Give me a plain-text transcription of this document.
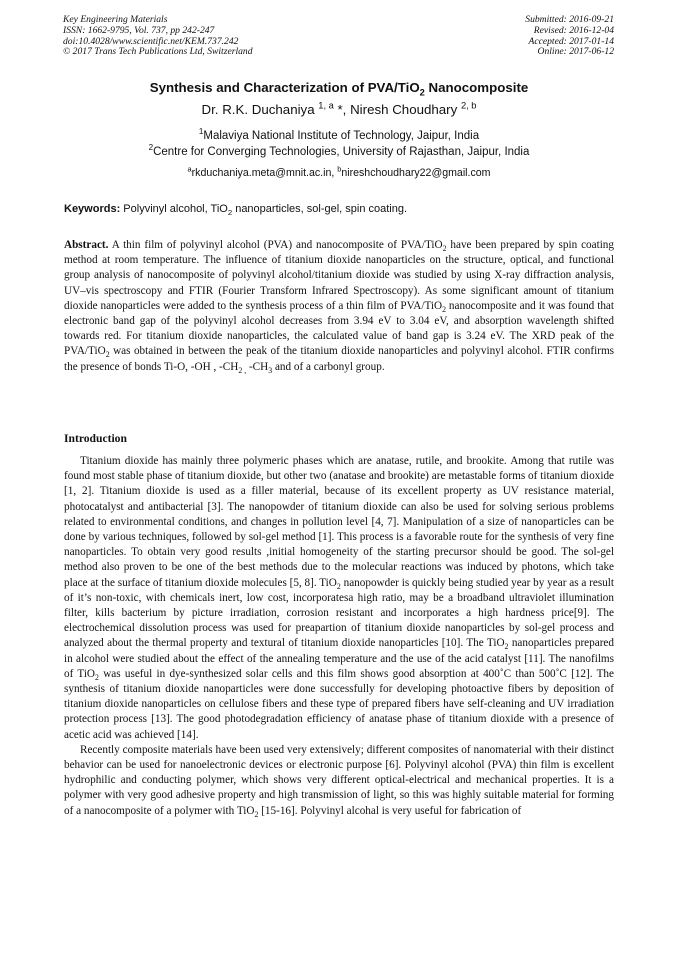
Key Engineering Materials
ISSN: 1662-9795, Vol. 737, pp 242-247
doi:10.4028/www.scientific.net/KEM.737.242
© 2017 Trans Tech Publications Ltd, Switzerland
Submitted: 2016-09-21
Revised: 2016-12-04
Accepted: 2017-01-14
Online: 2017-06-12
Synthesis and Characterization of PVA/TiO$_2$ Nanocomposite
Dr. R.K. Duchaniya $^{1, a}$ *, Niresh Choudhary $^{2, b}$
$^1$Malaviya National Institute of Technology, Jaipur, India
$^2$Centre for Converging Technologies, University of Rajasthan, Jaipur, India
$^a$rkduchaniya.meta@mnit.ac.in, $^b$nireshchoudhary22@gmail.com
Keywords: Polyvinyl alcohol, TiO$_2$ nanoparticles, sol-gel, spin coating.
Abstract. A thin film of polyvinyl alcohol (PVA) and nanocomposite of PVA/TiO$_2$ have been prepared by spin coating method at room temperature. The influence of titanium dioxide nanoparticles on the structure, optical, and functional group analysis of nanocomposite of polyvinyl alcohol/titanium dioxide was studied by using X-ray diffraction analysis, UV–vis spectroscopy and FTIR (Fourier Transform Infrared Spectroscopy). As some significant amount of titanium dioxide nanoparticles were added to the synthesis process of a thin film of PVA/TiO$_2$ nanocomposite and it was found that electronic band gap of the polyvinyl alcohol decreases from 3.94 eV to 3.04 eV, and absorption wavelength shifted towards red. For titanium dioxide nanoparticles, the calculated value of band gap is 3.24 eV. The XRD peak of the PVA/TiO$_2$ was obtained in between the peak of the titanium dioxide nanoparticles and polyvinyl alcohol. FTIR confirms the presence of bonds Ti-O, -OH , $-CH_{2 ,}$ $-CH_3$ and of a carbonyl group.
Introduction

Titanium dioxide has mainly three polymeric phases which are anatase, rutile, and brookite. Among that rutile was found most stable phase of titanium dioxide, but other two (anatase and brookite) are metastable forms of titanium dioxide [1, 2]. Titanium dioxide is used as a filler material, because of its excellent property as UV resistance material, photocatalyst and antibacterial [3]. The nanopowder of titanium dioxide can also be used for solving serious problems related to environmental conditions, and changes in pollution level [4, 7]. Manipulation of a size of nanoparticles can be done by various techniques, followed by sol-gel method [1]. This process is a favorable route for the synthesis of very fine nanoparticles. To obtain very good results ,initial homogeneity of the starting precursor should be good. The sol-gel method also proven to be one of the best methods due to the molecular reactions was induced by photons, which take place at the surface of titanium dioxide molecules [5, 8]. TiO$_2$ nanopowder is quickly being studied year by year as a result of it’s non-toxic, with chemicals inert, low cost, incorporatesa high ratio, may be a broadband ultraviolet illumination filter, kills bacterium by picture irradiation, corrosion resistant and incorporates a high hardness price[9]. The electrochemical dissolution process was used for preapartion of titanium dioxide nanoparticles by sol-gel process and analyzed about the thermal property and textural of titanium dioxide nanoparticles [10]. The TiO$_2$ nanoparticles prepared in alcohol were studied about the effect of the annealing temperature and the use of the acid catalyst [11]. The nanofilms of TiO$_2$ was useful in dye-synthesized solar cells and this film shows good absorption at 400˚C than 500˚C [12]. The synthesis of titanium dioxide nanoparticles were done successfully for developing photoactive fibers by deposition of titanium dioxide nanoparticles on cellulose fibers and these type of prepared fibers have self-cleaning and UV irradiation protection process [13]. The good photodegradation efficiency of anatase phase of titanium dioxide with a presence of acetic acid was achieved [14].

Recently composite materials have been used very extensively; different composites of nanomaterial with their distinct behavior can be used for nanoelectronic devices or electronic purpose [6]. Polyvinyl alcohol (PVA) thin film is excellent hydrophilic and conducting polymer, which shows very different optical-electrical and mechanical properties. It is a polymer with very good adhesive property and high transmission of light, so this was highly suitable material for forming of a nanocomposite of a polymer with TiO$_2$ [15-16]. Polyvinyl alcohal is very useful for fabrication of
